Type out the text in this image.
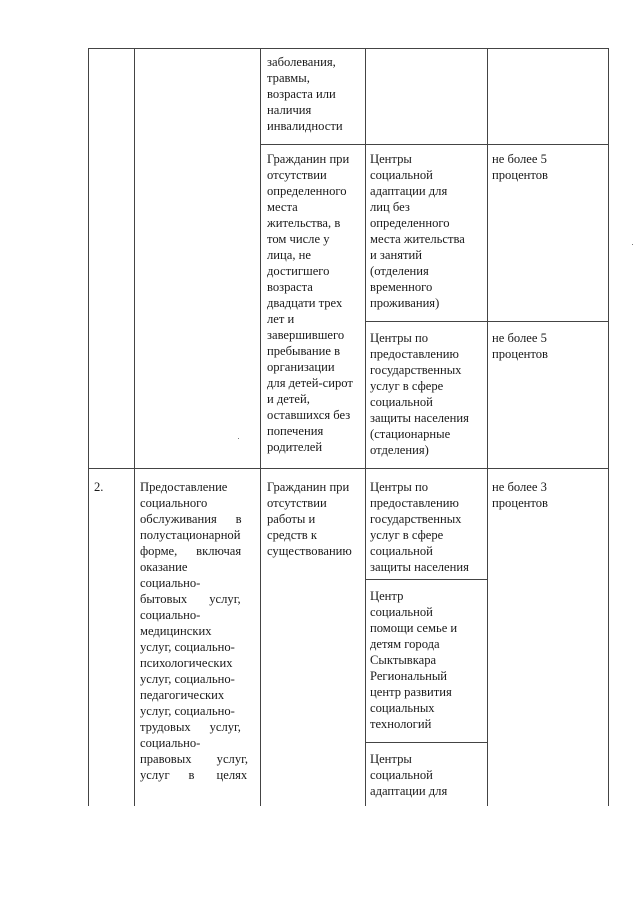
заболевания,
травмы,
возраста или
наличия
инвалидности
Гражданин при
отсутствии
определенного
места
жительства, в
том числе у
лица, не
достигшего
возраста
двадцати трех
лет и
завершившего
пребывание в
организации
для детей-сирот
и детей,
оставшихся без
попечения
родителей
Центры
социальной
адаптации для
лиц без
определенного
места жительства
и занятий
(отделения
временного
проживания)
не более 5
процентов
Центры по
предоставлению
государственных
услуг в сфере
социальной
защиты населения
(стационарные
отделения)
не более 5
процентов
2.	Предоставление
социального
обслуживания      в
полустационарной
форме,      включая
оказание
социально-
бытовых       услуг,
социально-
медицинских
услуг, социально-
психологических
услуг, социально-
педагогических
услуг, социально-
трудовых      услуг,
социально-
правовых        услуг,
услуг      в       целях
Гражданин при
отсутствии
работы и
средств к
существованию
Центры по
предоставлению
государственных
услуг в сфере
социальной
защиты населения
не более 3
процентов
Центр
социальной
помощи семье и
детям города
Сыктывкара
Региональный
центр развития
социальных
технологий
Центры
социальной
адаптации для
